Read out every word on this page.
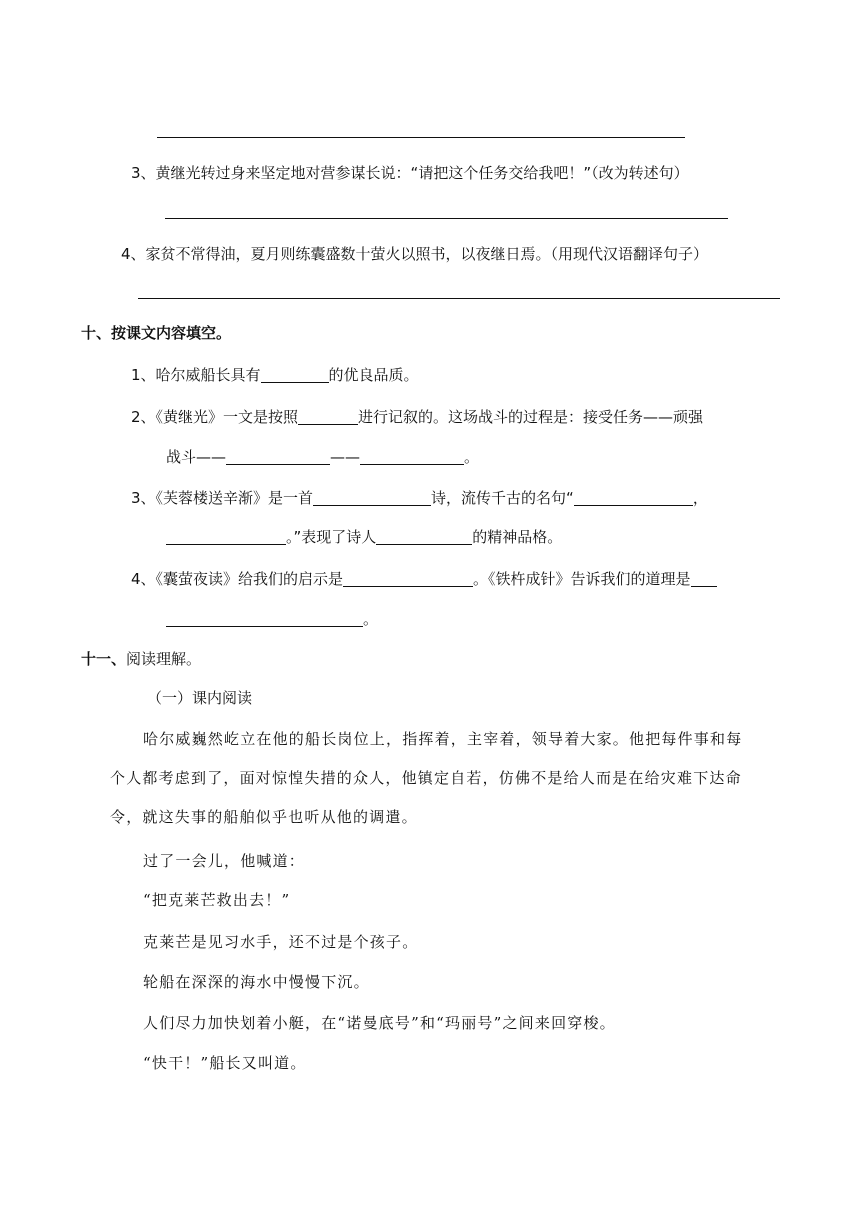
3、黄继光转过身来坚定地对营参谋长说：“请把这个任务交给我吧！”（改为转述句）
4、家贫不常得油，夏月则练囊盛数十萤火以照书，以夜继日焉。（用现代汉语翻译句子）
十、按课文内容填空。
1、哈尔威船长具有	的优良品质。
2、《黄继光》一文是按照	进行记叙的。这场战斗的过程是：接受任务——顽强
战斗——	——	。
3、《芙蓉楼送辛渐》是一首	诗，流传千古的名句“	，
。”表现了诗人	的精神品格。
4、《囊萤夜读》给我们的启示是	。《铁杵成针》告诉我们的道理是
。
十一、阅读理解。
（一）课内阅读
哈尔威巍然屹立在他的船长岗位上，指挥着，主宰着，领导着大家。他把每件事和每
个人都考虑到了，面对惊惶失措的众人，他镇定自若，仿佛不是给人而是在给灾难下达命
令，就这失事的船舶似乎也听从他的调遣。
过了一会儿，他喊道：
“把克莱芒救出去！”
克莱芒是见习水手，还不过是个孩子。
轮船在深深的海水中慢慢下沉。
人们尽力加快划着小艇，在“诺曼底号”和“玛丽号”之间来回穿梭。
“快干！”船长又叫道。
